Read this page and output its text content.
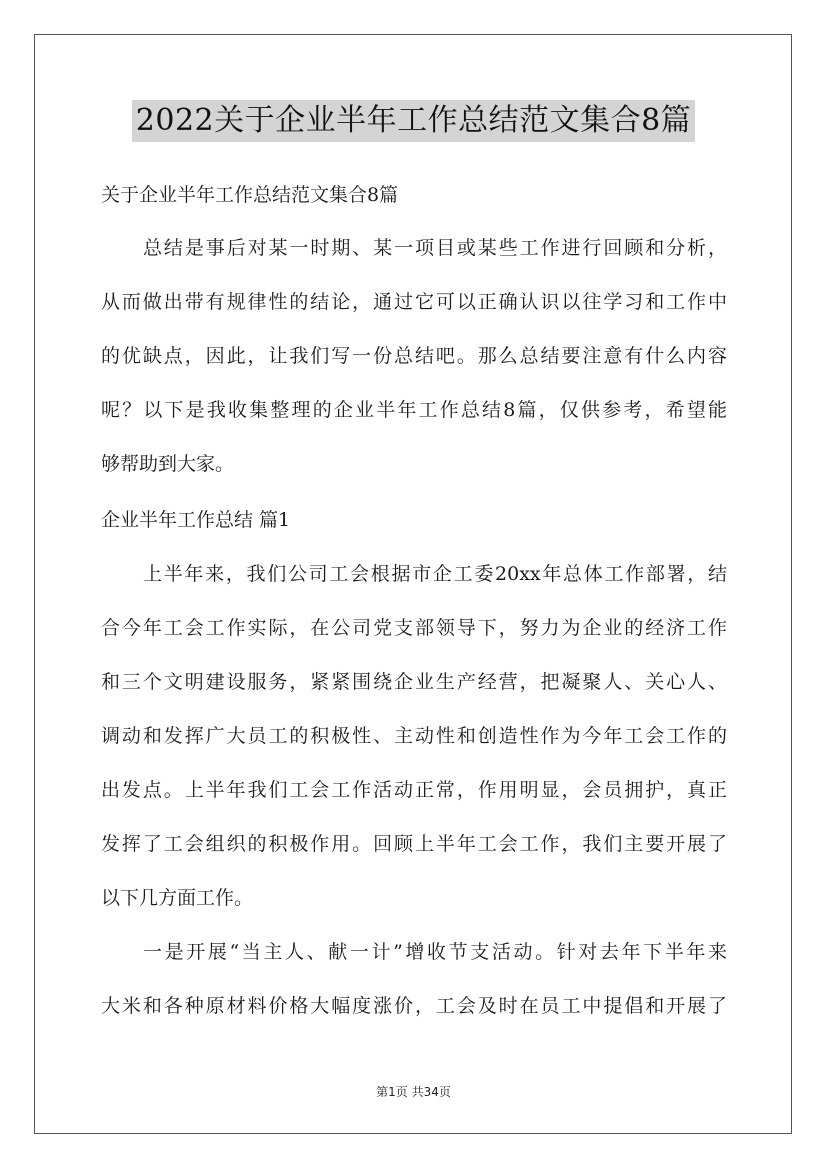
2022关于企业半年工作总结范文集合8篇
关于企业半年工作总结范文集合8篇
总结是事后对某一时期、某一项目或某些工作进行回顾和分析，
从而做出带有规律性的结论，通过它可以正确认识以往学习和工作中
的优缺点，因此，让我们写一份总结吧。那么总结要注意有什么内容
呢？以下是我收集整理的企业半年工作总结8篇，仅供参考，希望能
够帮助到大家。
企业半年工作总结 篇1
上半年来，我们公司工会根据市企工委20xx年总体工作部署，结
合今年工会工作实际，在公司党支部领导下，努力为企业的经济工作
和三个文明建设服务，紧紧围绕企业生产经营，把凝聚人、关心人、
调动和发挥广大员工的积极性、主动性和创造性作为今年工会工作的
出发点。上半年我们工会工作活动正常，作用明显，会员拥护，真正
发挥了工会组织的积极作用。回顾上半年工会工作，我们主要开展了
以下几方面工作。
一是开展“当主人、献一计”增收节支活动。针对去年下半年来
大米和各种原材料价格大幅度涨价，工会及时在员工中提倡和开展了
第1页 共34页
